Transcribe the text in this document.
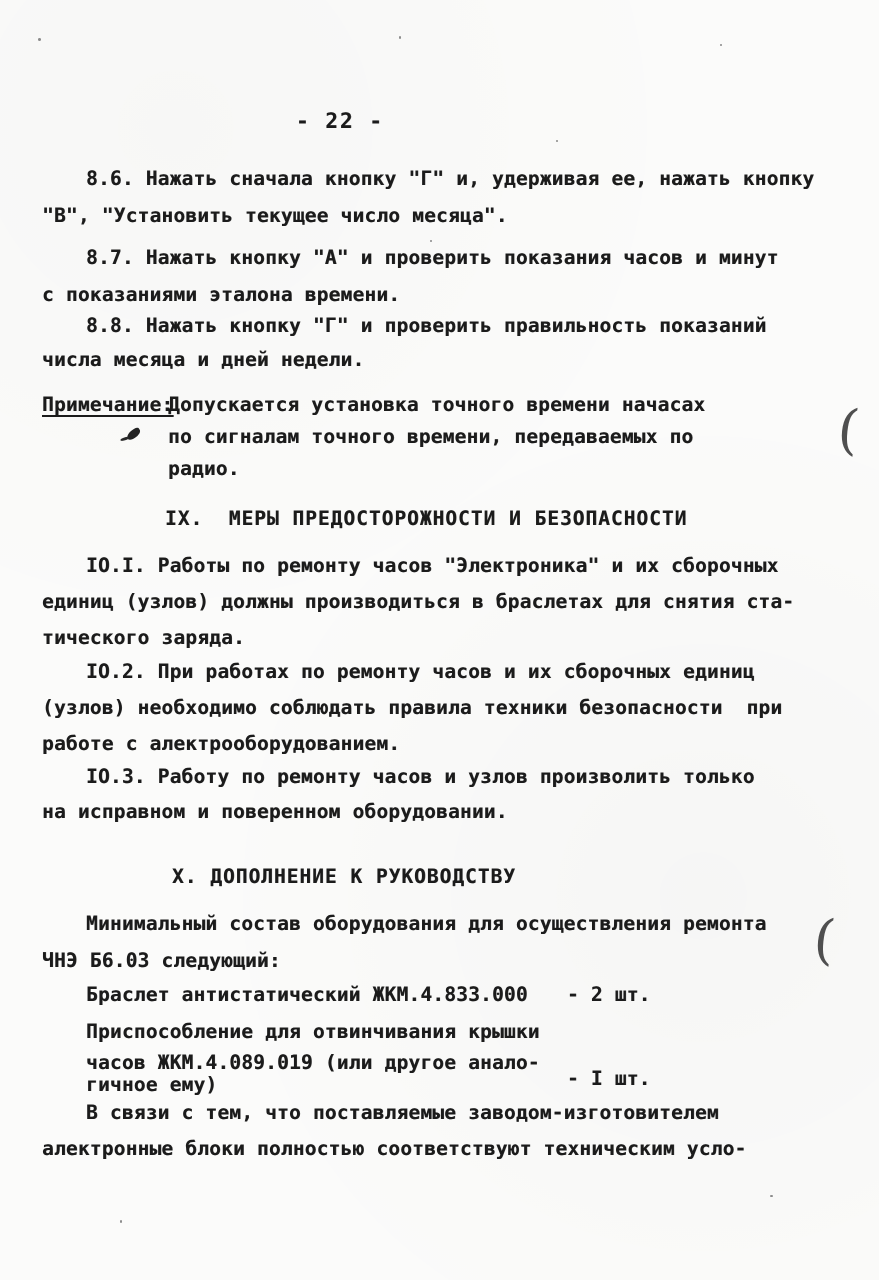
- 22 -
8.6. Нажать сначала кнопку "Г" и, удерживая ее, нажать кнопку
"В", "Установить текущее число месяца".
8.7. Нажать кнопку "А" и проверить показания часов и минут
с показаниями эталона времени.
8.8. Нажать кнопку "Г" и проверить правильность показаний
числа месяца и дней недели.
Примечание:
Допускается установка точного времени начасах
по сигналам точного времени, передаваемых по
радио.
IX.  МЕРЫ ПРЕДОСТОРОЖНОСТИ И БЕЗОПАСНОСТИ
IO.I. Работы по ремонту часов "Электроника" и их сборочных
единиц (узлов) должны производиться в браслетах для снятия ста-
тического заряда.
IO.2. При работах по ремонту часов и их сборочных единиц
(узлов) необходимо соблюдать правила техники безопасности  при
работе с алектрооборудованием.
IO.3. Работу по ремонту часов и узлов произволить только
на исправном и поверенном оборудовании.
X. ДОПОЛНЕНИЕ К РУКОВОДСТВУ
Минимальный состав оборудования для осуществления ремонта
ЧНЭ Б6.03 следующий:
Браслет антистатический ЖКМ.4.833.000 - 2 шт.
Приспособление для отвинчивания крышки
часов ЖКМ.4.089.019 (или другое анало-
гичное ему)	- I шт.
В связи с тем, что поставляемые заводом-изготовителем
алектронные блоки полностью соответствуют техническим усло-
(
(
